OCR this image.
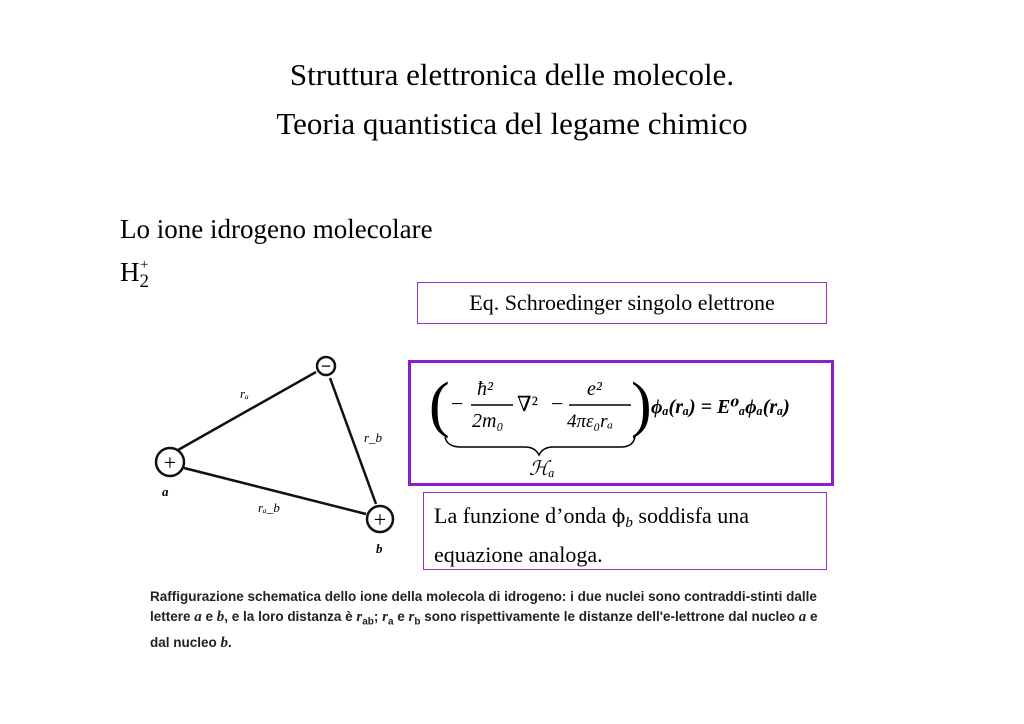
Struttura elettronica delle molecole.
Teoria quantistica del legame chimico
Lo ione idrogeno molecolare $H_2^+$
+
−
+
a
b
rₐ
r_b
rₐ_b
Eq. Schroedinger singolo elettrone
( −
ħ²
2m₀
∇² −
e²
4πε₀rₐ ) ϕₐ(rₐ) = E⁰ₐϕₐ(rₐ)
ℋₐ
La funzione d’onda $\phi_b$ soddisfa una equazione analoga.
Raffigurazione schematica dello ione della molecola di idrogeno: i due nuclei sono contraddi-stinti dalle lettere a e b, e la loro distanza è $r_{ab}$; $r_a$ e $r_b$ sono rispettivamente le distanze dell'e-lettrone dal nucleo a e dal nucleo b.
